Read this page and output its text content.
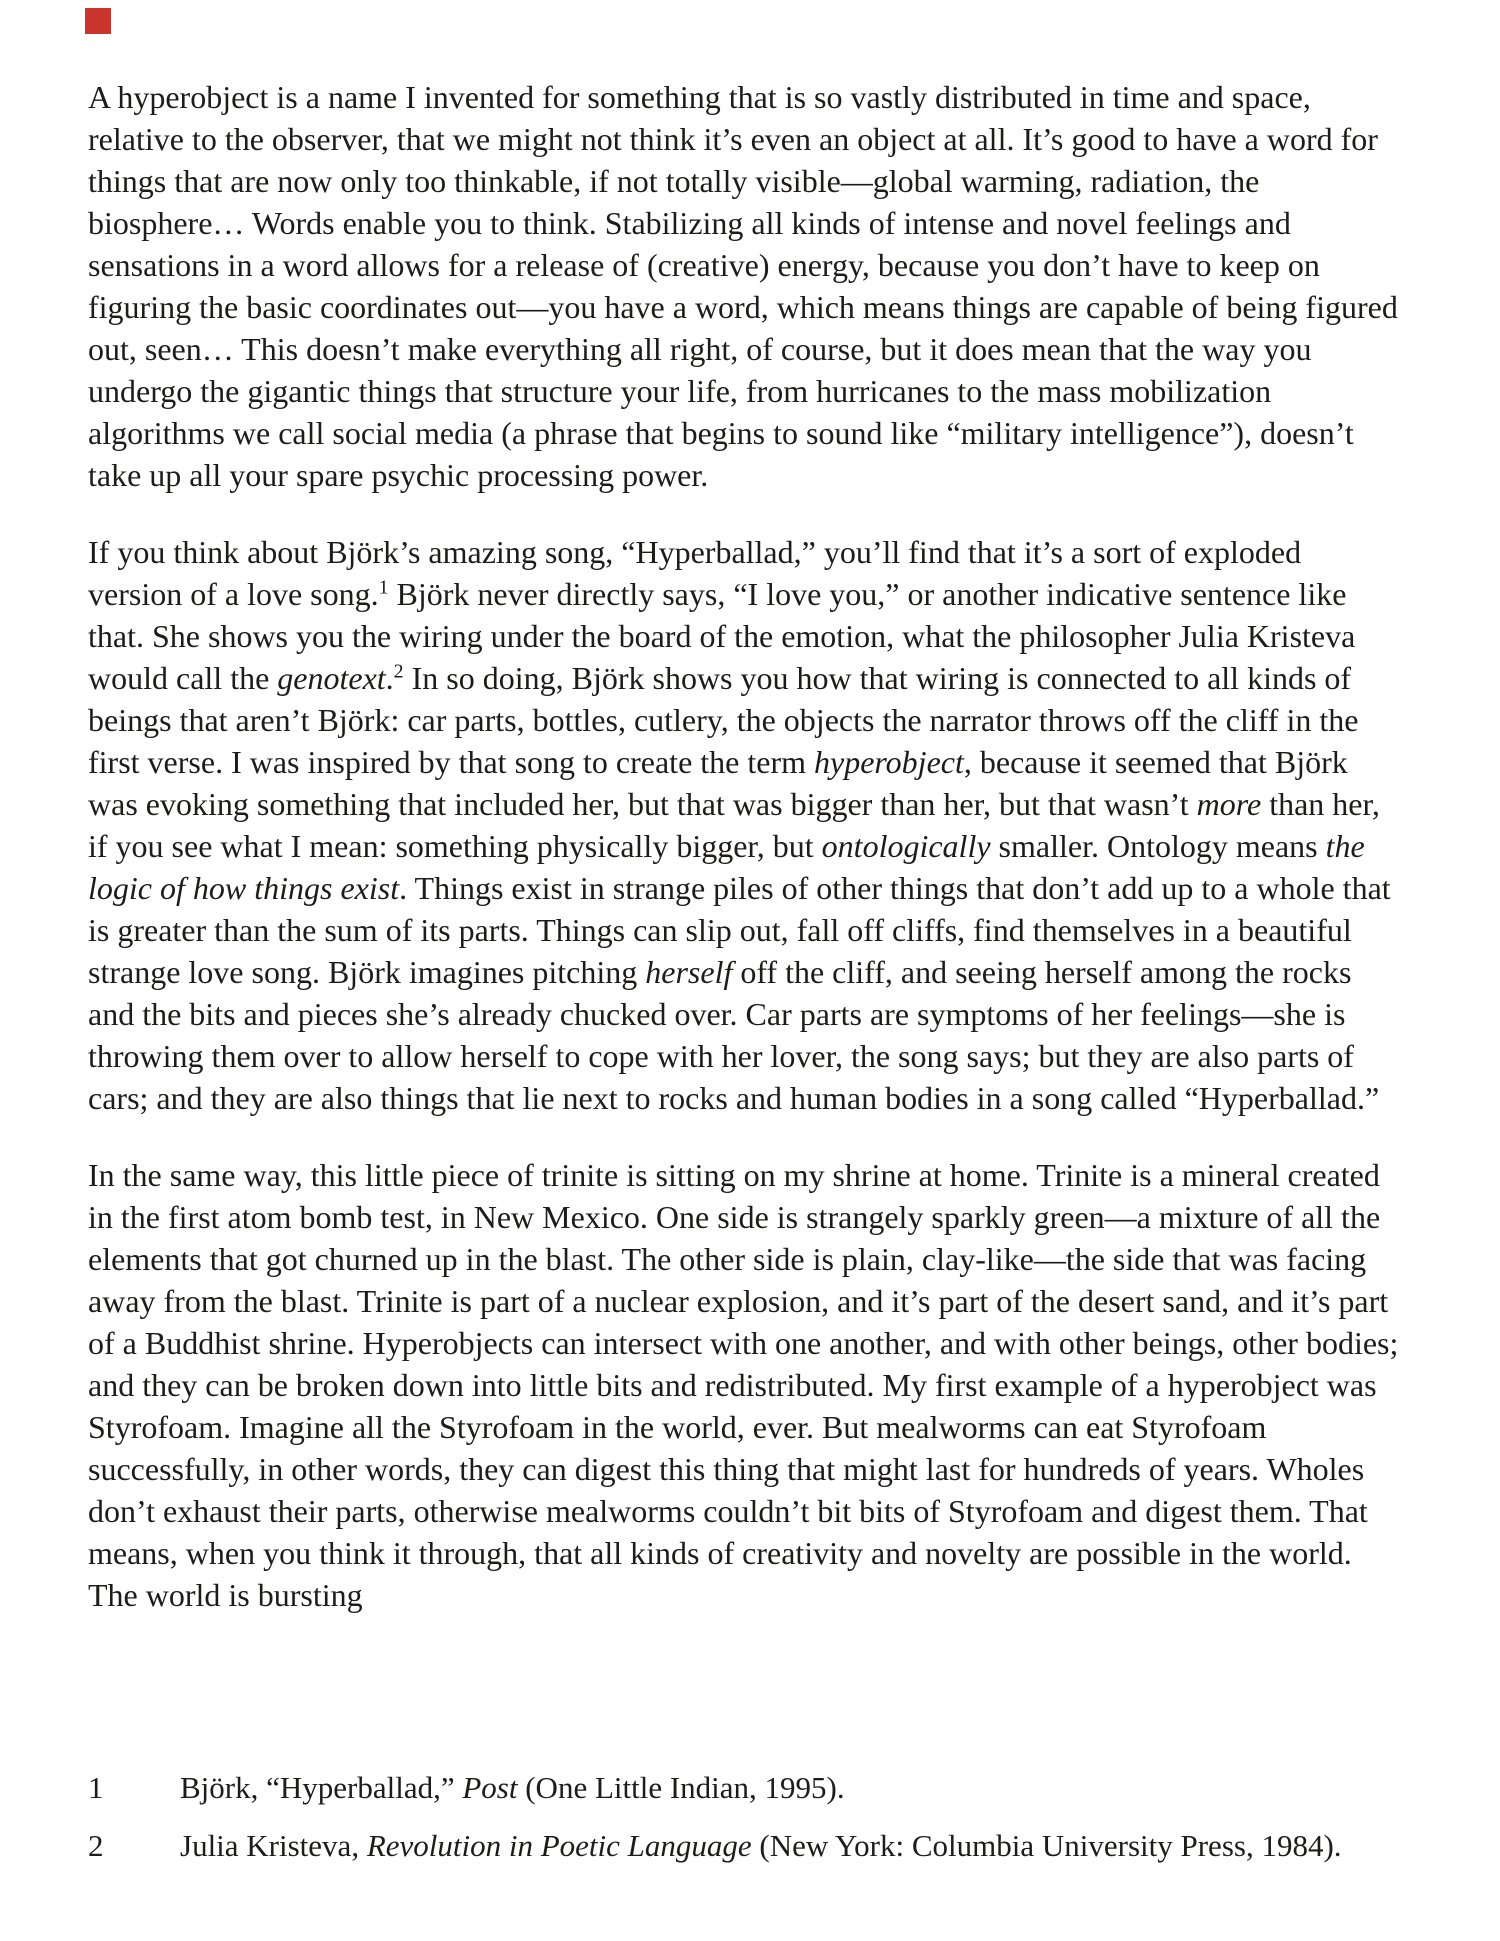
A hyperobject is a name I invented for something that is so vastly distributed in time and space, relative to the observer, that we might not think it’s even an object at all. It’s good to have a word for things that are now only too thinkable, if not totally visible—global warming, radiation, the biosphere… Words enable you to think. Stabilizing all kinds of intense and novel feelings and sensations in a word allows for a release of (creative) energy, because you don’t have to keep on figuring the basic coordinates out—you have a word, which means things are capable of being figured out, seen… This doesn’t make everything all right, of course, but it does mean that the way you undergo the gigantic things that structure your life, from hurricanes to the mass mobilization algorithms we call social media (a phrase that begins to sound like “military intelligence”), doesn’t take up all your spare psychic processing power.

If you think about Björk’s amazing song, “Hyperballad,” you’ll find that it’s a sort of exploded version of a love song.$^1$ Björk never directly says, “I love you,” or another indicative sentence like that. She shows you the wiring under the board of the emotion, what the philosopher Julia Kristeva would call the genotext.$^2$ In so doing, Björk shows you how that wiring is connected to all kinds of beings that aren’t Björk: car parts, bottles, cutlery, the objects the narrator throws off the cliff in the first verse. I was inspired by that song to create the term hyperobject, because it seemed that Björk was evoking something that included her, but that was bigger than her, but that wasn’t more than her, if you see what I mean: something physically bigger, but ontologically smaller. Ontology means the logic of how things exist. Things exist in strange piles of other things that don’t add up to a whole that is greater than the sum of its parts. Things can slip out, fall off cliffs, find themselves in a beautiful strange love song. Björk imagines pitching herself off the cliff, and seeing herself among the rocks and the bits and pieces she’s already chucked over. Car parts are symptoms of her feelings—she is throwing them over to allow herself to cope with her lover, the song says; but they are also parts of cars; and they are also things that lie next to rocks and human bodies in a song called “Hyperballad.”

In the same way, this little piece of trinite is sitting on my shrine at home. Trinite is a mineral created in the first atom bomb test, in New Mexico. One side is strangely sparkly green—a mixture of all the elements that got churned up in the blast. The other side is plain, clay-like—the side that was facing away from the blast. Trinite is part of a nuclear explosion, and it’s part of the desert sand, and it’s part of a Buddhist shrine. Hyperobjects can intersect with one another, and with other beings, other bodies; and they can be broken down into little bits and redistributed. My first example of a hyperobject was Styrofoam. Imagine all the Styrofoam in the world, ever. But mealworms can eat Styrofoam successfully, in other words, they can digest this thing that might last for hundreds of years. Wholes don’t exhaust their parts, otherwise mealworms couldn’t bit bits of Styrofoam and digest them. That means, when you think it through, that all kinds of creativity and novelty are possible in the world. The world is bursting

1	Björk, “Hyperballad,” Post (One Little Indian, 1995).
2	Julia Kristeva, Revolution in Poetic Language (New York: Columbia University Press, 1984).
